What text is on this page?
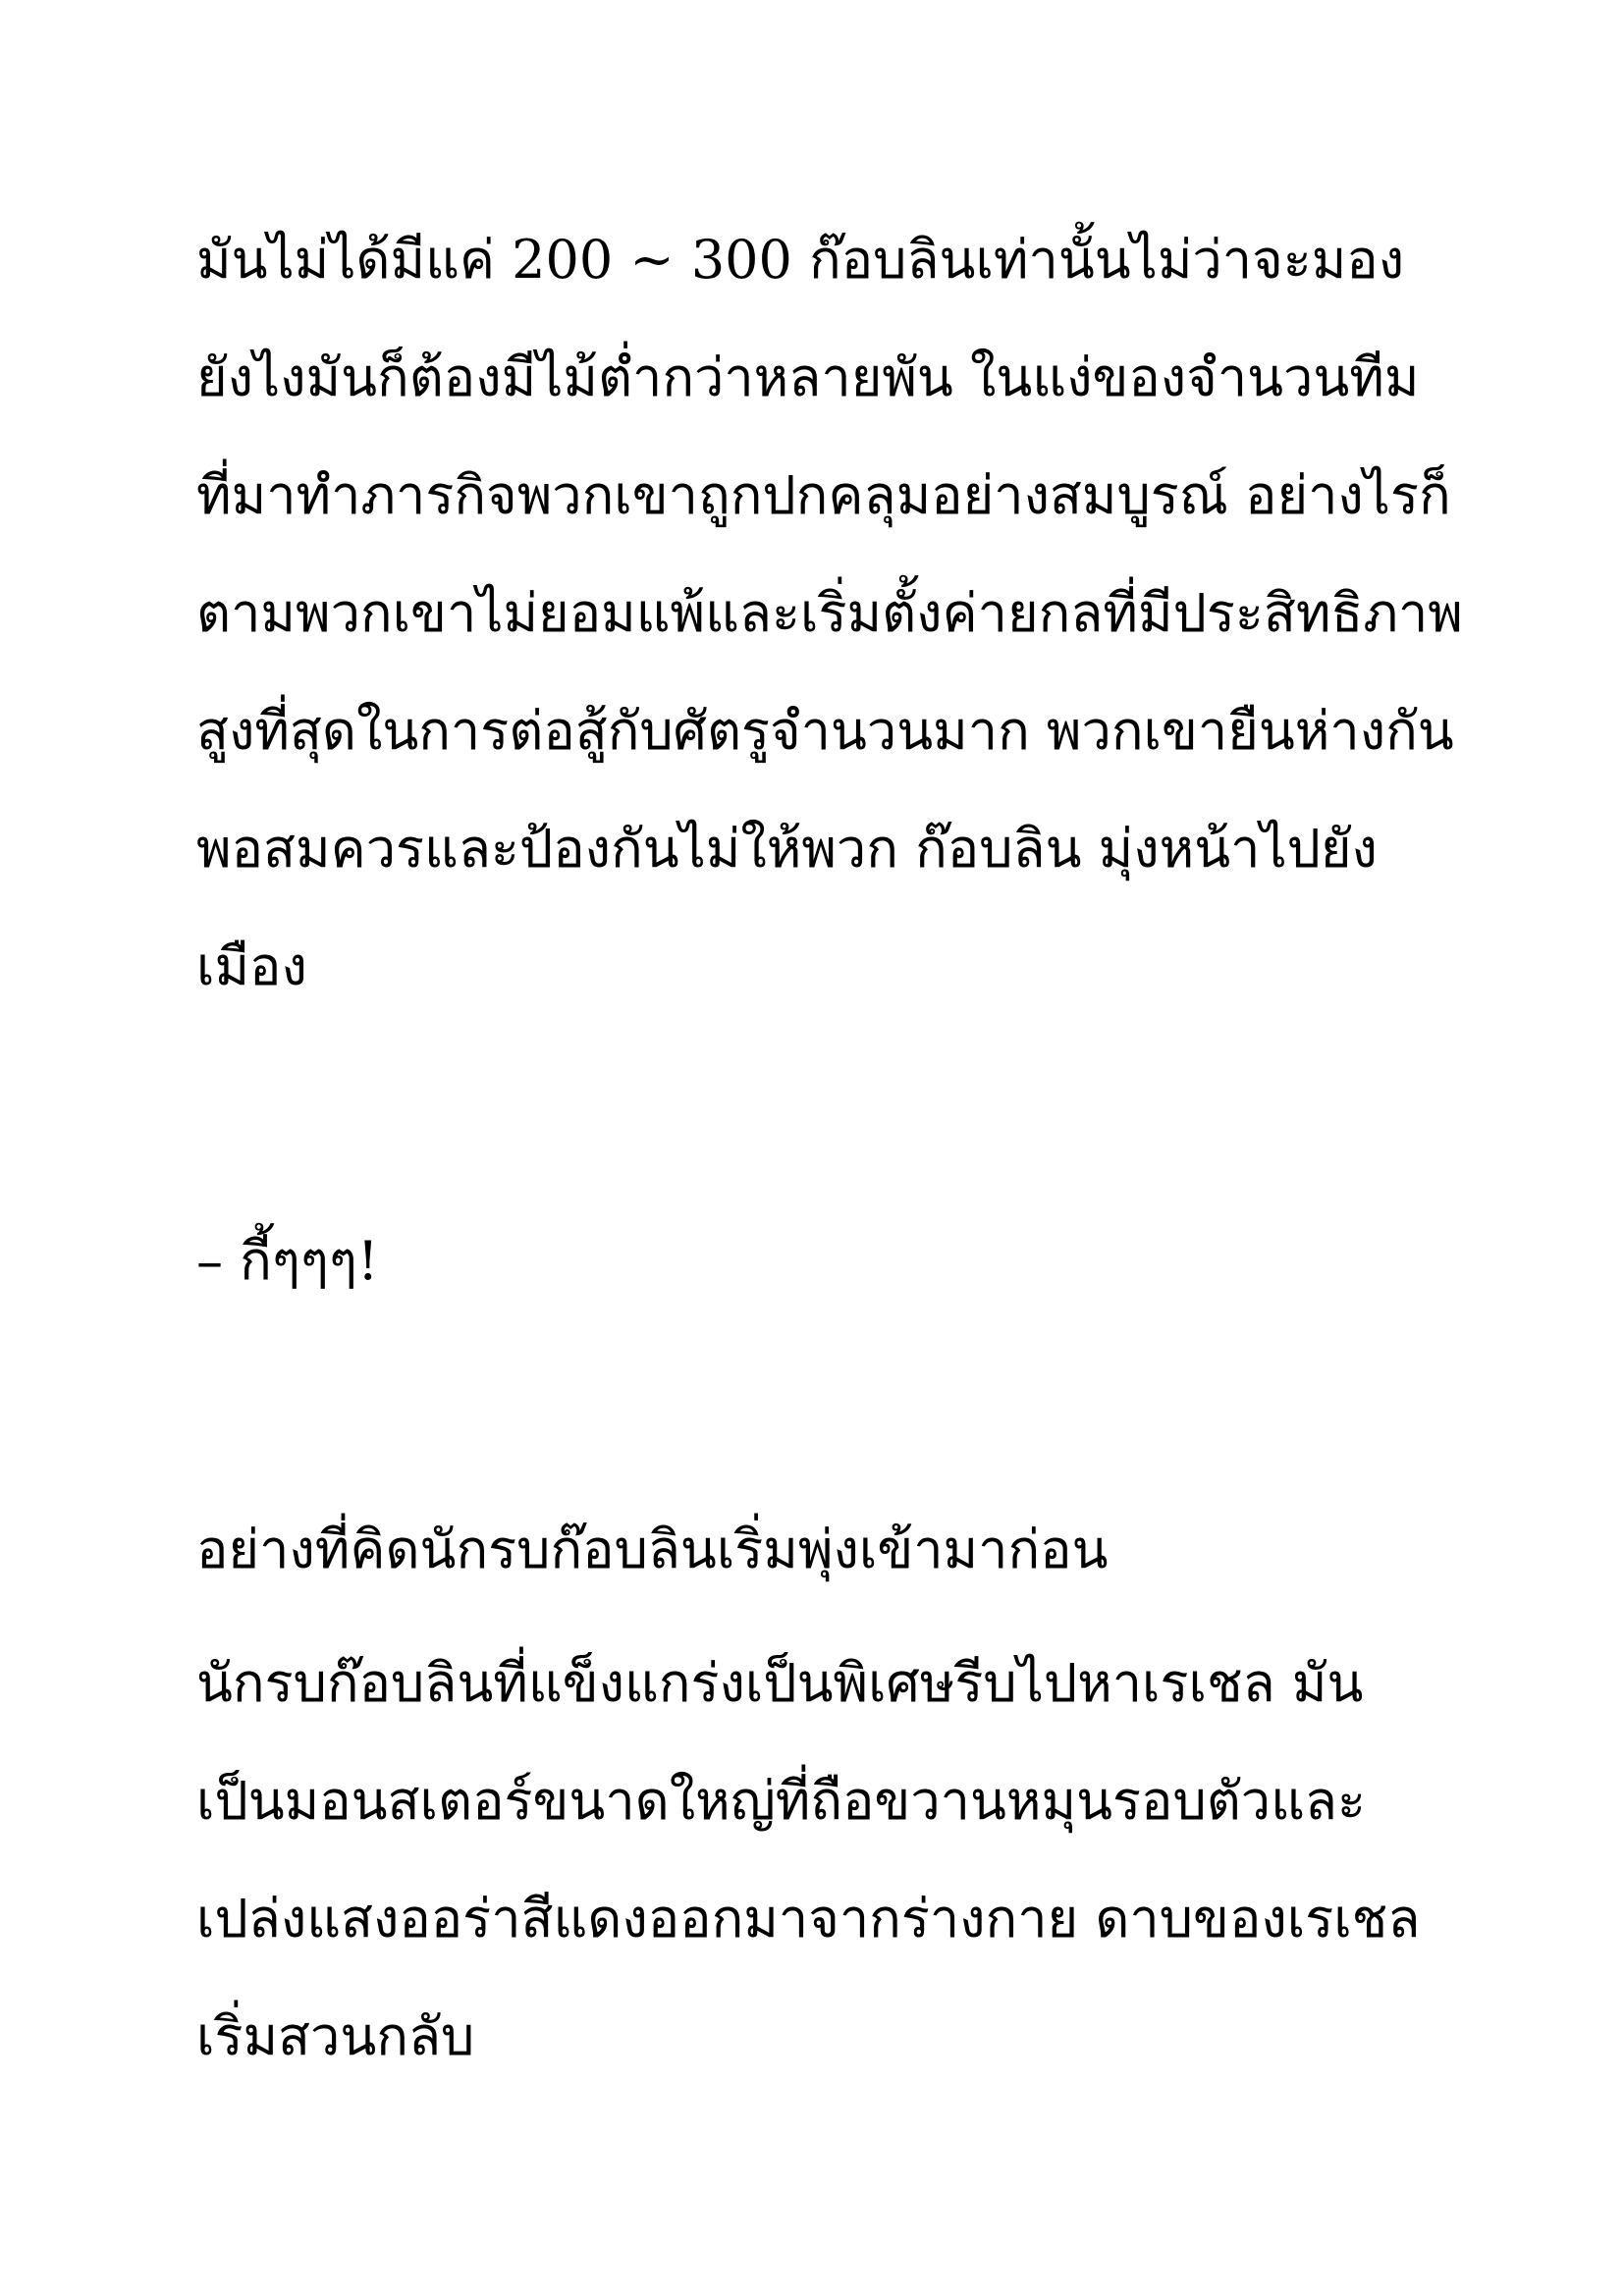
มันไม่ได้มีแค่ 200 ~ 300 ก๊อบลินเท่านั้นไม่ว่าจะมอง
ยังไงมันก็ต้องมีไม้ต่ำกว่าหลายพัน ในแง่ของจำนวนทีม
ที่มาทำภารกิจพวกเขาถูกปกคลุมอย่างสมบูรณ์ อย่างไรก็
ตามพวกเขาไม่ยอมแพ้และเริ่มตั้งค่ายกลที่มีประสิทธิภาพ
สูงที่สุดในการต่อสู้กับศัตรูจำนวนมาก พวกเขายืนห่างกัน
พอสมควรและป้องกันไม่ให้พวก ก๊อบลิน มุ่งหน้าไปยัง
เมือง
– กี้ๆๆๆ!
อย่างที่คิดนักรบก๊อบลินเริ่มพุ่งเข้ามาก่อน
นักรบก๊อบลินที่แข็งแกร่งเป็นพิเศษรีบไปหาเรเชล มัน
เป็นมอนสเตอร์ขนาดใหญ่ที่ถือขวานหมุนรอบตัวและ
เปล่งแสงออร่าสีแดงออกมาจากร่างกาย ดาบของเรเชล
เริ่มสวนกลับ
